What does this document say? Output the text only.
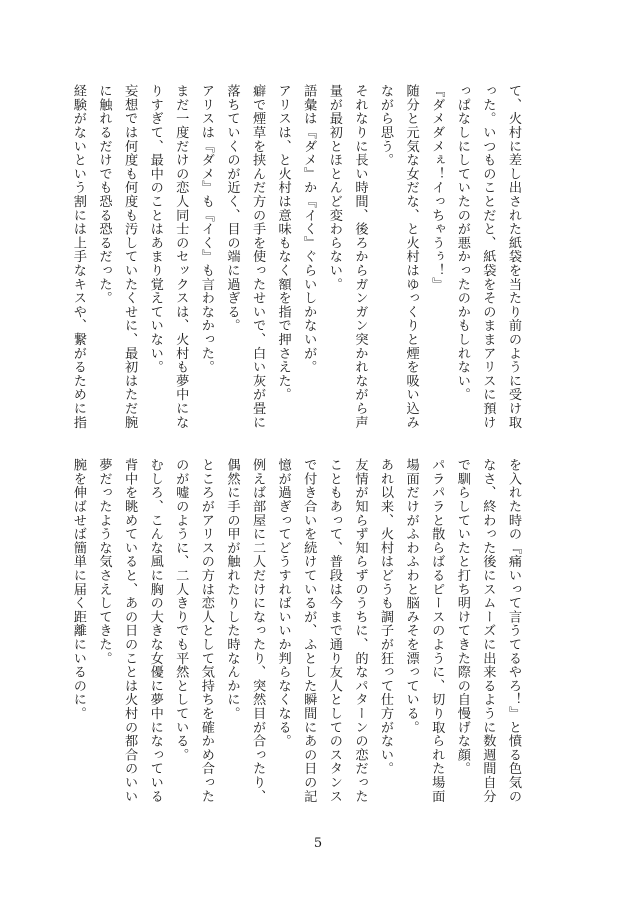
て、火村に差し出された紙袋を当たり前のように受け取った。いつものことだと、紙袋をそのままアリスに預けっぱなしにしていたのが悪かったのかもしれない。

『ダメダメぇ！イっちゃうぅ！』

随分と元気な女だな、と火村はゆっくりと煙を吸い込みながら思う。

それなりに長い時間、後ろからガンガン突かれながら声量が最初とほとんど変わらない。

語彙は『ダメ』か『イく』ぐらいしかないが。

アリスは、と火村は意味もなく額を指で押さえた。

癖で煙草を挟んだ方の手を使ったせいで、白い灰が畳に落ちていくのが近く、目の端に過ぎる。

アリスは『ダメ』も『イく』も言わなかった。

まだ一度だけの恋人同士のセックスは、火村も夢中になりすぎて、最中のことはあまり覚えていない。

妄想では何度も何度も汚していたくせに、最初はただ腕に触れるだけでも恐る恐るだった。

経験がないという割には上手なキスや、繋がるために指

を入れた時の『痛いって言うてるやろ！』と憤る色気のなさ、終わった後にスムーズに出来るように数週間自分で馴らしていたと打ち明けてきた際の自慢げな顔。

パラパラと散らばるピースのように、切り取られた場面場面だけがふわふわと脳みそを漂っている。

あれ以来、火村はどうも調子が狂って仕方がない。

友情が知らず知らずのうちに、的なパターンの恋だったこともあって、普段は今まで通り友人としてのスタンスで付き合いを続けているが、ふとした瞬間にあの日の記憶が過ぎってどうすればいいか判らなくなる。

例えば部屋に二人だけになったり、突然目が合ったり、偶然に手の甲が触れたりした時なんかに。

ところがアリスの方は恋人として気持ちを確かめ合ったのが嘘のように、二人きりでも平然としている。

むしろ、こんな風に胸の大きな女優に夢中になっている背中を眺めていると、あの日のことは火村の都合のいい夢だったような気さえしてきた。

腕を伸ばせば簡単に届く距離にいるのに。

5
